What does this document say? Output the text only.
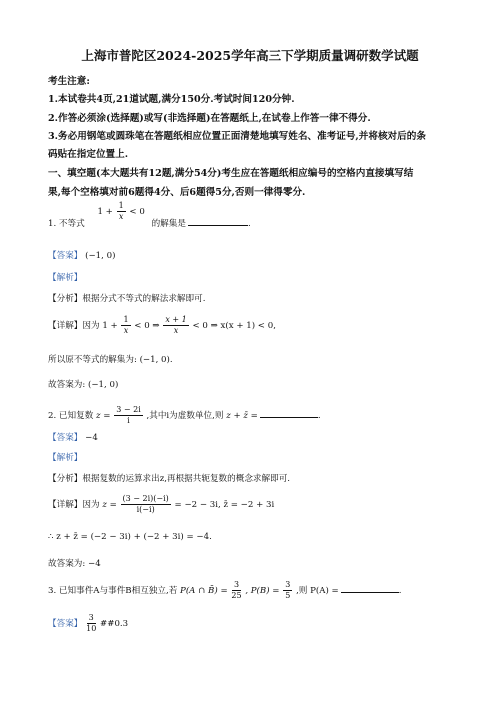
上海市普陀区2024-2025学年高三下学期质量调研数学试题
考生注意:
1.本试卷共4页,21道试题,满分150分.考试时间120分钟.
2.作答必须涂(选择题)或写(非选择题)在答题纸上,在试卷上作答一律不得分.
3.务必用钢笔或圆珠笔在答题纸相应位置正面清楚地填写姓名、准考证号,并将核对后的条
码贴在指定位置上.
一、填空题(本大题共有12题,满分54分)考生应在答题纸相应编号的空格内直接填写结
果,每个空格填对前6题得4分、后6题得5分,否则一律得零分.
1. 不等式 $1 + \frac{1}{x} < 0$ 的解集是	.
【答案】 (−1, 0)
【解析】
【分析】根据分式不等式的解法求解即可.
【详解】因为 $1 + \frac{1}{x} < 0$ ⇒ $\frac{x + 1}{x} < 0$ ⇒ x(x + 1) < 0,
所以原不等式的解集为: (−1, 0).
故答案为: (−1, 0)
2. 已知复数 $z = \frac{3 - 2i}{i}$ ,其中i为虚数单位,则 z + z̄ =	.
【答案】 −4
【解析】
【分析】根据复数的运算求出z,再根据共轭复数的概念求解即可.
【详解】因为 $z = \frac{(3 - 2i)(-i)}{i(-i)} = -2 - 3i$, z̄ = −2 + 3i
∴ z + z̄ = (−2 − 3i) + (−2 + 3i) = −4.
故答案为: −4
3. 已知事件A与事件B相互独立,若 P(A ∩ B̄) = $\frac{3}{25}$ , $P(B) = \frac{3}{5}$ ,则 P(A) =	.
【答案】 $\frac{3}{10}$ ##0.3
